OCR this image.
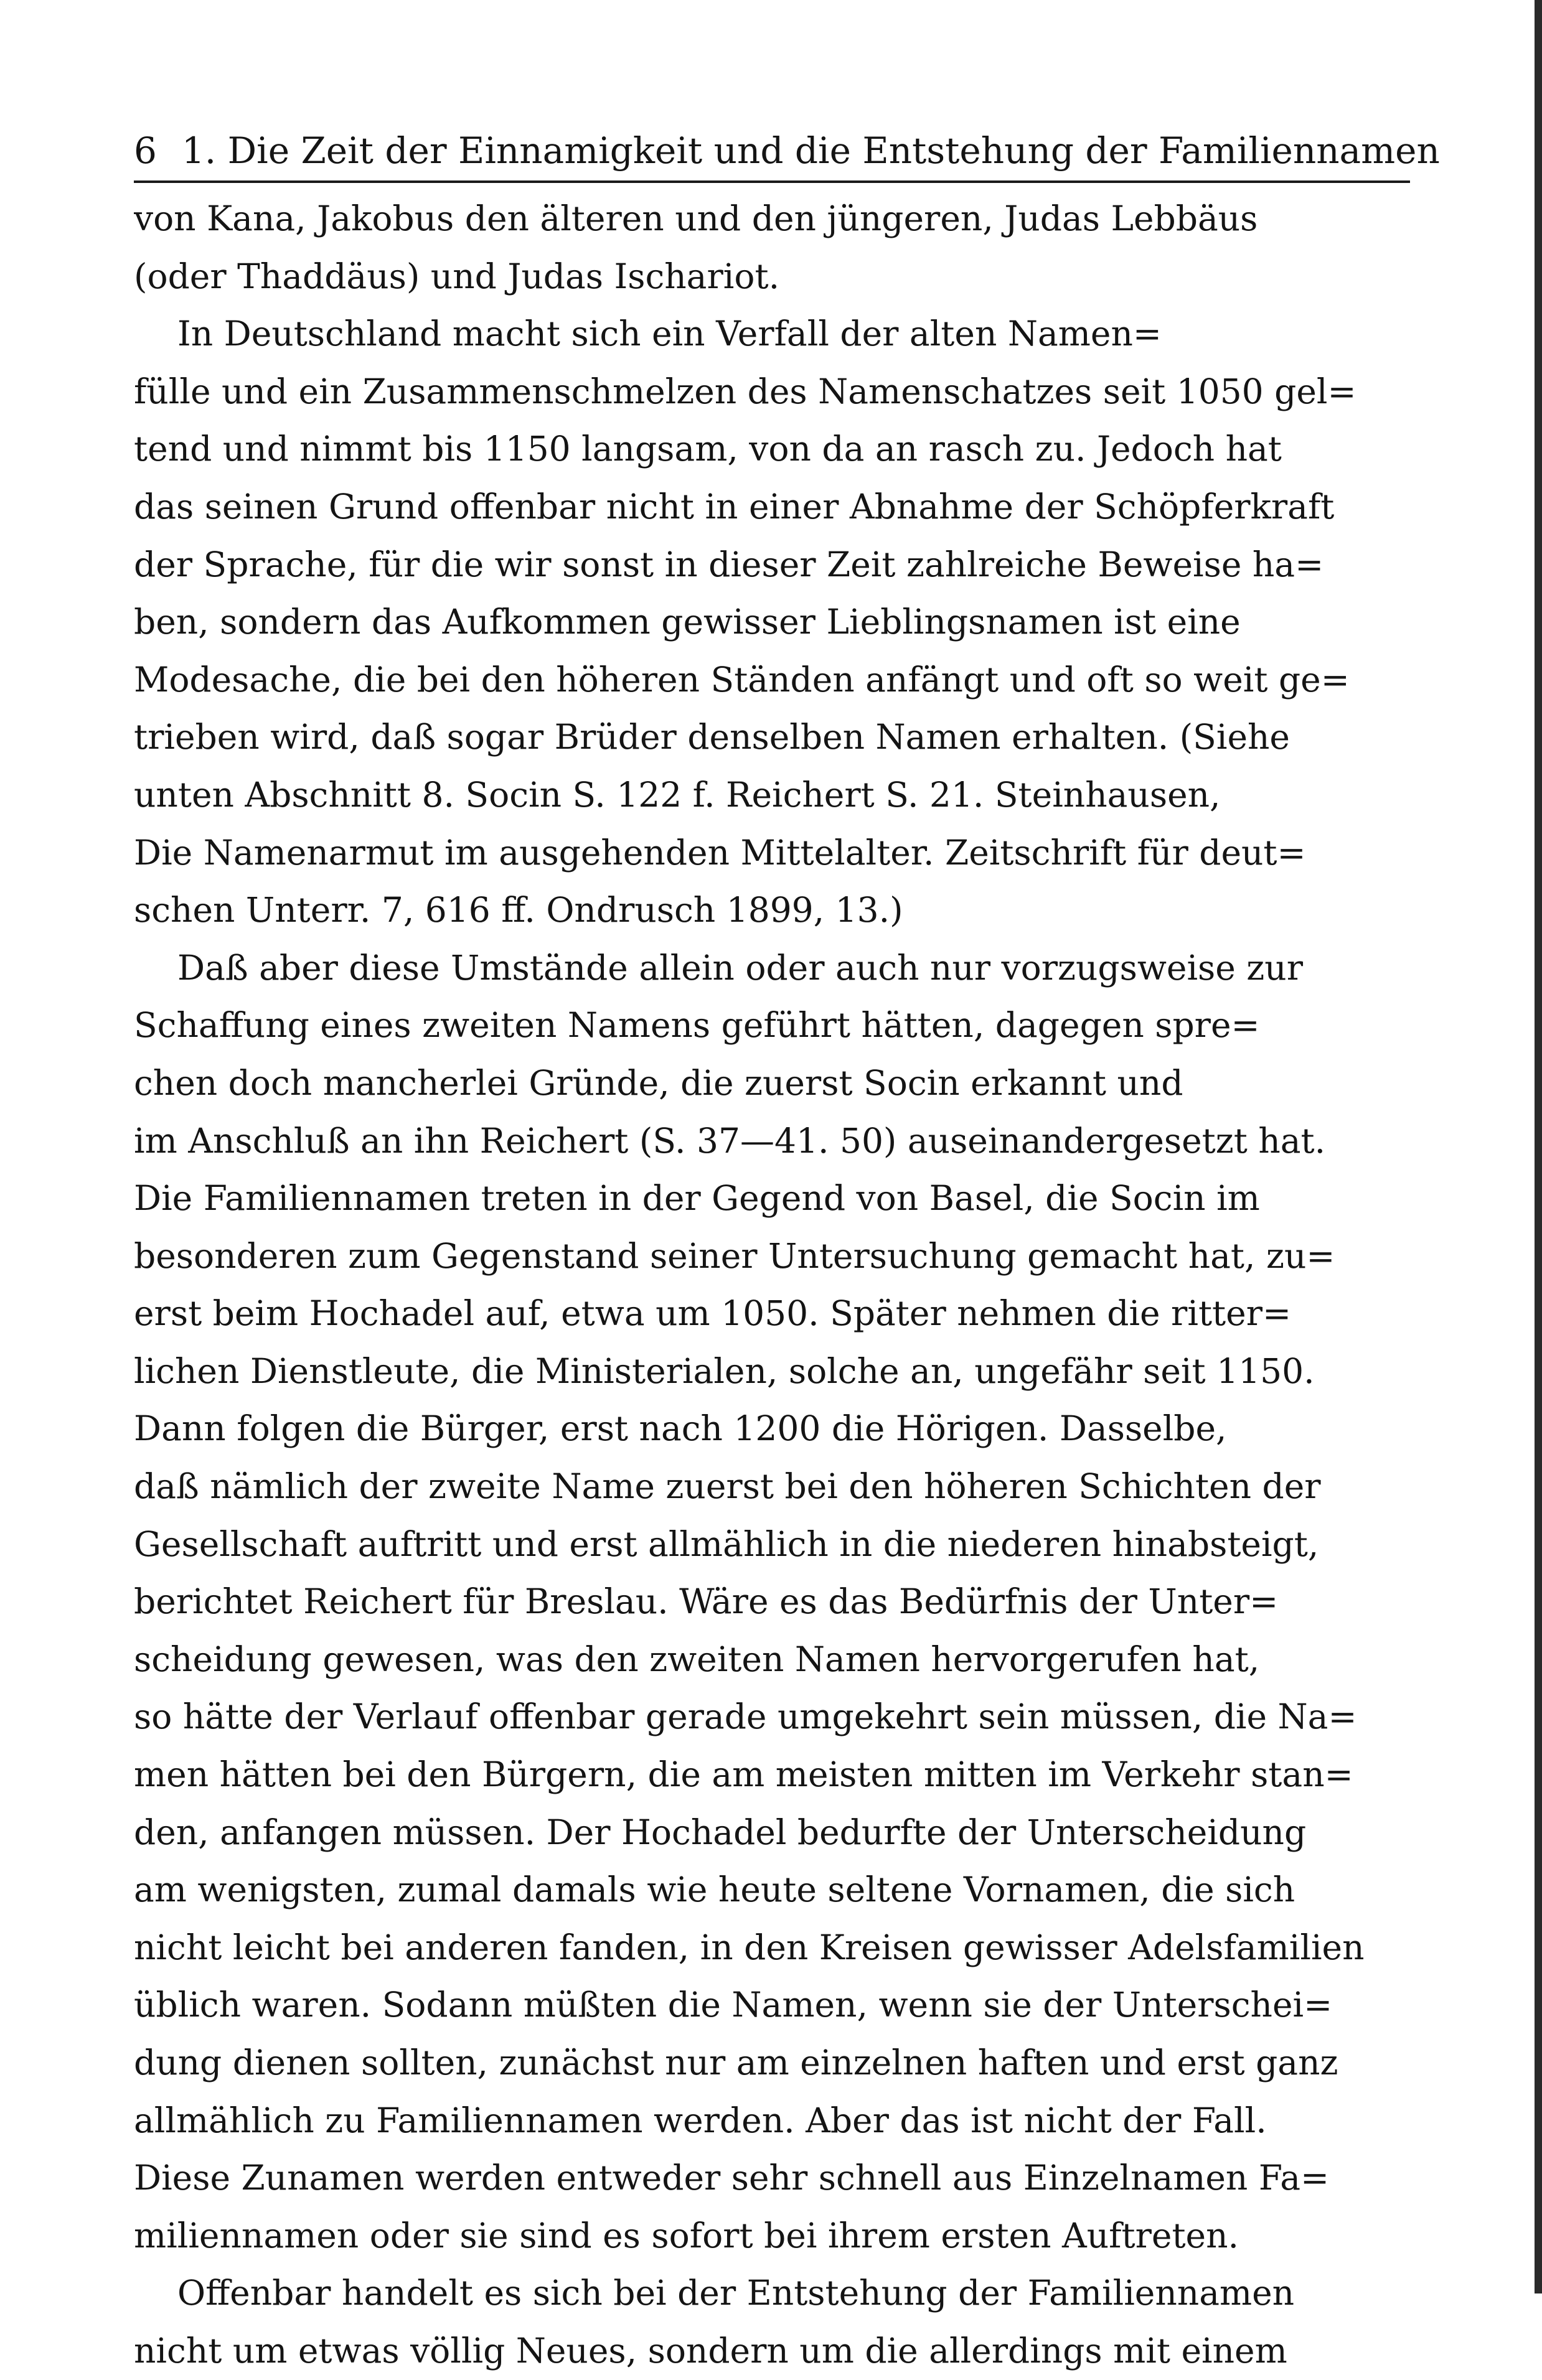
6 1. Die Zeit der Einnamigkeit und die Entstehung der Familiennamen
von Kana, Jakobus den älteren und den jüngeren, Judas Lebbäus
(oder Thaddäus) und Judas Ischariot.
In Deutschland macht sich ein Verfall der alten Namen=
fülle und ein Zusammenschmelzen des Namenschatzes seit 1050 gel=
tend und nimmt bis 1150 langsam, von da an rasch zu. Jedoch hat
das seinen Grund offenbar nicht in einer Abnahme der Schöpferkraft
der Sprache, für die wir sonst in dieser Zeit zahlreiche Beweise ha=
ben, sondern das Aufkommen gewisser Lieblingsnamen ist eine
Modesache, die bei den höheren Ständen anfängt und oft so weit ge=
trieben wird, daß sogar Brüder denselben Namen erhalten. (Siehe
unten Abschnitt 8. Socin S. 122 f. Reichert S. 21. Steinhausen,
Die Namenarmut im ausgehenden Mittelalter. Zeitschrift für deut=
schen Unterr. 7, 616 ff. Ondrusch 1899, 13.)
Daß aber diese Umstände allein oder auch nur vorzugsweise zur
Schaffung eines zweiten Namens geführt hätten, dagegen spre=
chen doch mancherlei Gründe, die zuerst Socin erkannt und
im Anschluß an ihn Reichert (S. 37—41. 50) auseinandergesetzt hat.
Die Familiennamen treten in der Gegend von Basel, die Socin im
besonderen zum Gegenstand seiner Untersuchung gemacht hat, zu=
erst beim Hochadel auf, etwa um 1050. Später nehmen die ritter=
lichen Dienstleute, die Ministerialen, solche an, ungefähr seit 1150.
Dann folgen die Bürger, erst nach 1200 die Hörigen. Dasselbe,
daß nämlich der zweite Name zuerst bei den höheren Schichten der
Gesellschaft auftritt und erst allmählich in die niederen hinabsteigt,
berichtet Reichert für Breslau. Wäre es das Bedürfnis der Unter=
scheidung gewesen, was den zweiten Namen hervorgerufen hat,
so hätte der Verlauf offenbar gerade umgekehrt sein müssen, die Na=
men hätten bei den Bürgern, die am meisten mitten im Verkehr stan=
den, anfangen müssen. Der Hochadel bedurfte der Unterscheidung
am wenigsten, zumal damals wie heute seltene Vornamen, die sich
nicht leicht bei anderen fanden, in den Kreisen gewisser Adelsfamilien
üblich waren. Sodann müßten die Namen, wenn sie der Unterschei=
dung dienen sollten, zunächst nur am einzelnen haften und erst ganz
allmählich zu Familiennamen werden. Aber das ist nicht der Fall.
Diese Zunamen werden entweder sehr schnell aus Einzelnamen Fa=
miliennamen oder sie sind es sofort bei ihrem ersten Auftreten.
Offenbar handelt es sich bei der Entstehung der Familiennamen
nicht um etwas völlig Neues, sondern um die allerdings mit einem
